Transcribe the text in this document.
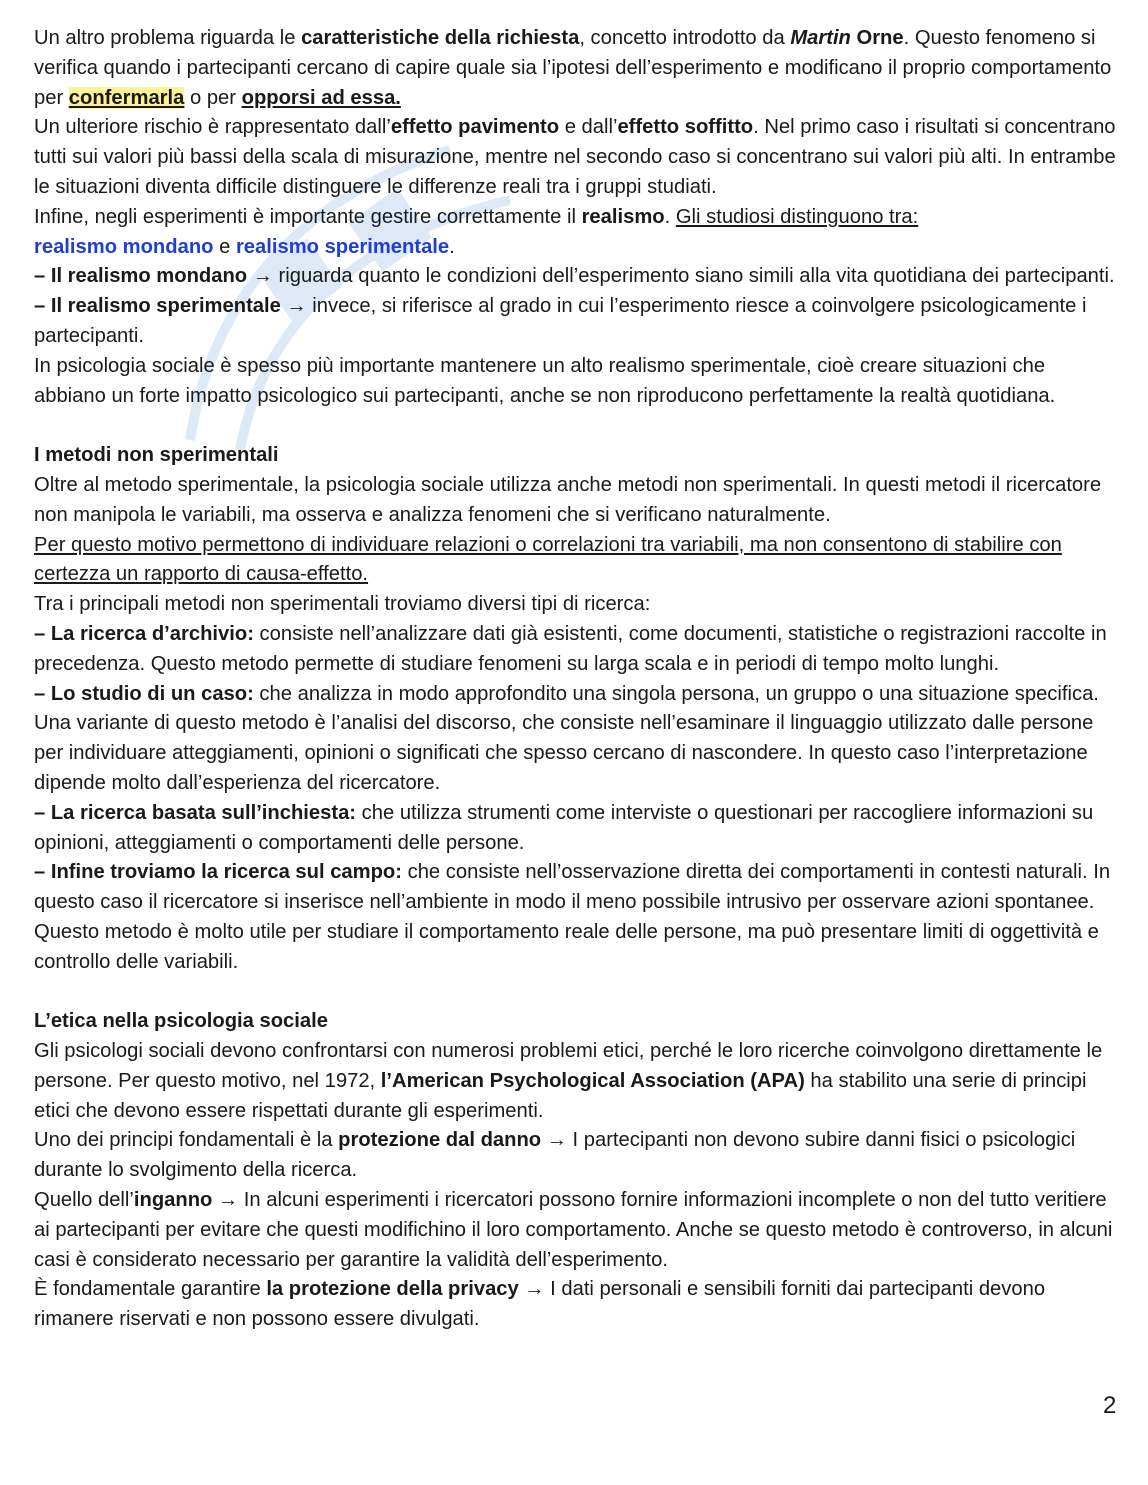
Un altro problema riguarda le caratteristiche della richiesta, concetto introdotto da Martin Orne. Questo fenomeno si verifica quando i partecipanti cercano di capire quale sia l’ipotesi dell’esperimento e modificano il proprio comportamento per confermarla o per opporsi ad essa.

Un ulteriore rischio è rappresentato dall’effetto pavimento e dall’effetto soffitto. Nel primo caso i risultati si concentrano tutti sui valori più bassi della scala di misurazione, mentre nel secondo caso si concentrano sui valori più alti. In entrambe le situazioni diventa difficile distinguere le differenze reali tra i gruppi studiati.

Infine, negli esperimenti è importante gestire correttamente il realismo. Gli studiosi distinguono tra:
realismo mondano e realismo sperimentale.

– Il realismo mondano → riguarda quanto le condizioni dell’esperimento siano simili alla vita quotidiana dei partecipanti.

– Il realismo sperimentale → invece, si riferisce al grado in cui l’esperimento riesce a coinvolgere psicologicamente i partecipanti.

In psicologia sociale è spesso più importante mantenere un alto realismo sperimentale, cioè creare situazioni che abbiano un forte impatto psicologico sui partecipanti, anche se non riproducono perfettamente la realtà quotidiana.

I metodi non sperimentali

Oltre al metodo sperimentale, la psicologia sociale utilizza anche metodi non sperimentali. In questi metodi il ricercatore non manipola le variabili, ma osserva e analizza fenomeni che si verificano naturalmente.

Per questo motivo permettono di individuare relazioni o correlazioni tra variabili, ma non consentono di stabilire con certezza un rapporto di causa-effetto.

Tra i principali metodi non sperimentali troviamo diversi tipi di ricerca:

– La ricerca d’archivio: consiste nell’analizzare dati già esistenti, come documenti, statistiche o registrazioni raccolte in precedenza. Questo metodo permette di studiare fenomeni su larga scala e in periodi di tempo molto lunghi.

– Lo studio di un caso: che analizza in modo approfondito una singola persona, un gruppo o una situazione specifica. Una variante di questo metodo è l’analisi del discorso, che consiste nell’esaminare il linguaggio utilizzato dalle persone per individuare atteggiamenti, opinioni o significati che spesso cercano di nascondere. In questo caso l’interpretazione dipende molto dall’esperienza del ricercatore.

– La ricerca basata sull’inchiesta: che utilizza strumenti come interviste o questionari per raccogliere informazioni su opinioni, atteggiamenti o comportamenti delle persone.

– Infine troviamo la ricerca sul campo: che consiste nell’osservazione diretta dei comportamenti in contesti naturali. In questo caso il ricercatore si inserisce nell’ambiente in modo il meno possibile intrusivo per osservare azioni spontanee. Questo metodo è molto utile per studiare il comportamento reale delle persone, ma può presentare limiti di oggettività e controllo delle variabili.

L’etica nella psicologia sociale

Gli psicologi sociali devono confrontarsi con numerosi problemi etici, perché le loro ricerche coinvolgono direttamente le persone. Per questo motivo, nel 1972, l’American Psychological Association (APA) ha stabilito una serie di principi etici che devono essere rispettati durante gli esperimenti.

Uno dei principi fondamentali è la protezione dal danno → I partecipanti non devono subire danni fisici o psicologici durante lo svolgimento della ricerca.

Quello dell’inganno → In alcuni esperimenti i ricercatori possono fornire informazioni incomplete o non del tutto veritiere ai partecipanti per evitare che questi modifichino il loro comportamento. Anche se questo metodo è controverso, in alcuni casi è considerato necessario per garantire la validità dell’esperimento.

È fondamentale garantire la protezione della privacy → I dati personali e sensibili forniti dai partecipanti devono rimanere riservati e non possono essere divulgati.

2
